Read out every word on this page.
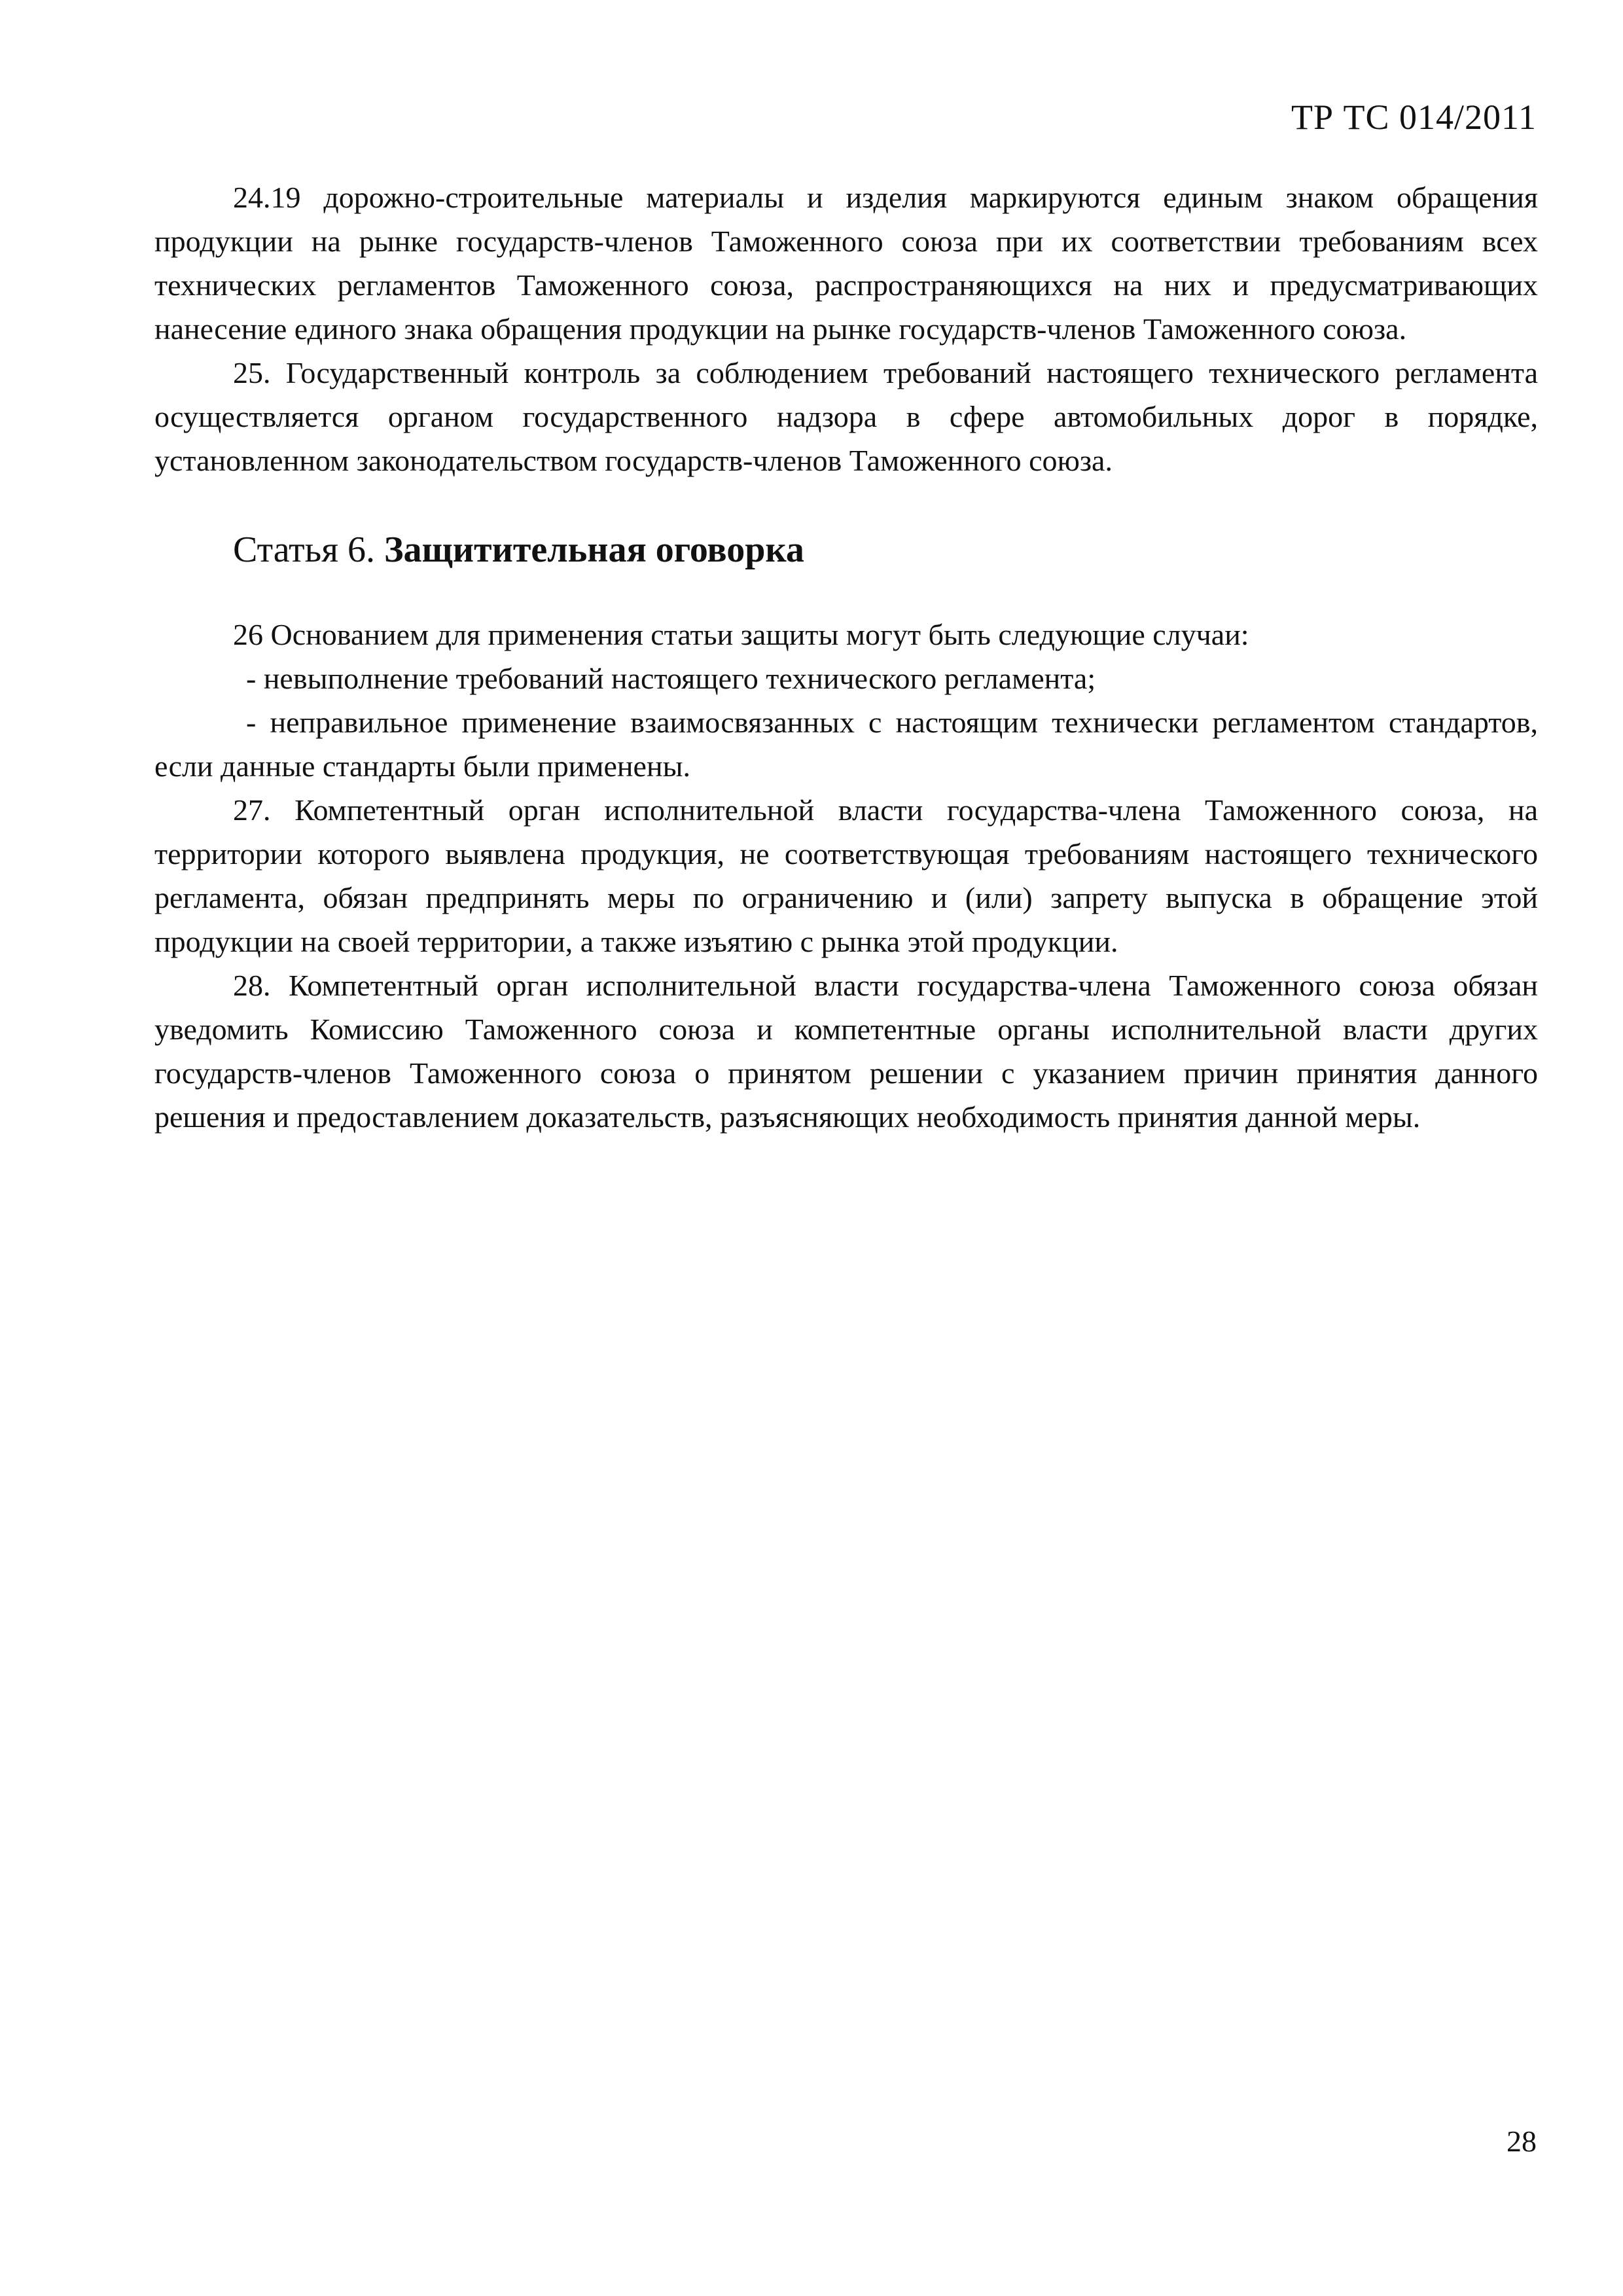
ТР ТС 014/2011

24.19 дорожно-строительные материалы и изделия маркируются единым знаком обращения продукции на рынке государств-членов Таможенного союза при их соответствии требованиям всех технических регламентов Таможенного союза, распространяющихся на них и предусматривающих нанесение единого знака обращения продукции на рынке государств-членов Таможенного союза.

25. Государственный контроль за соблюдением требований настоящего технического регламента осуществляется органом государственного надзора в сфере автомобильных дорог в порядке, установленном законодательством государств-членов Таможенного союза.

Статья 6. Защитительная оговорка

26 Основанием для применения статьи защиты могут быть следующие случаи:

- невыполнение требований настоящего технического регламента;

- неправильное применение взаимосвязанных с настоящим технически регламентом стандартов, если данные стандарты были применены.

27. Компетентный орган исполнительной власти государства-члена Таможенного союза, на территории которого выявлена продукция, не соответствующая требованиям настоящего технического регламента, обязан предпринять меры по ограничению и (или) запрету выпуска в обращение этой продукции на своей территории, а также изъятию с рынка этой продукции.

28. Компетентный орган исполнительной власти государства-члена Таможенного союза обязан уведомить Комиссию Таможенного союза и компетентные органы исполнительной власти других государств-членов Таможенного союза о принятом решении с указанием причин принятия данного решения и предоставлением доказательств, разъясняющих необходимость принятия данной меры.

28
